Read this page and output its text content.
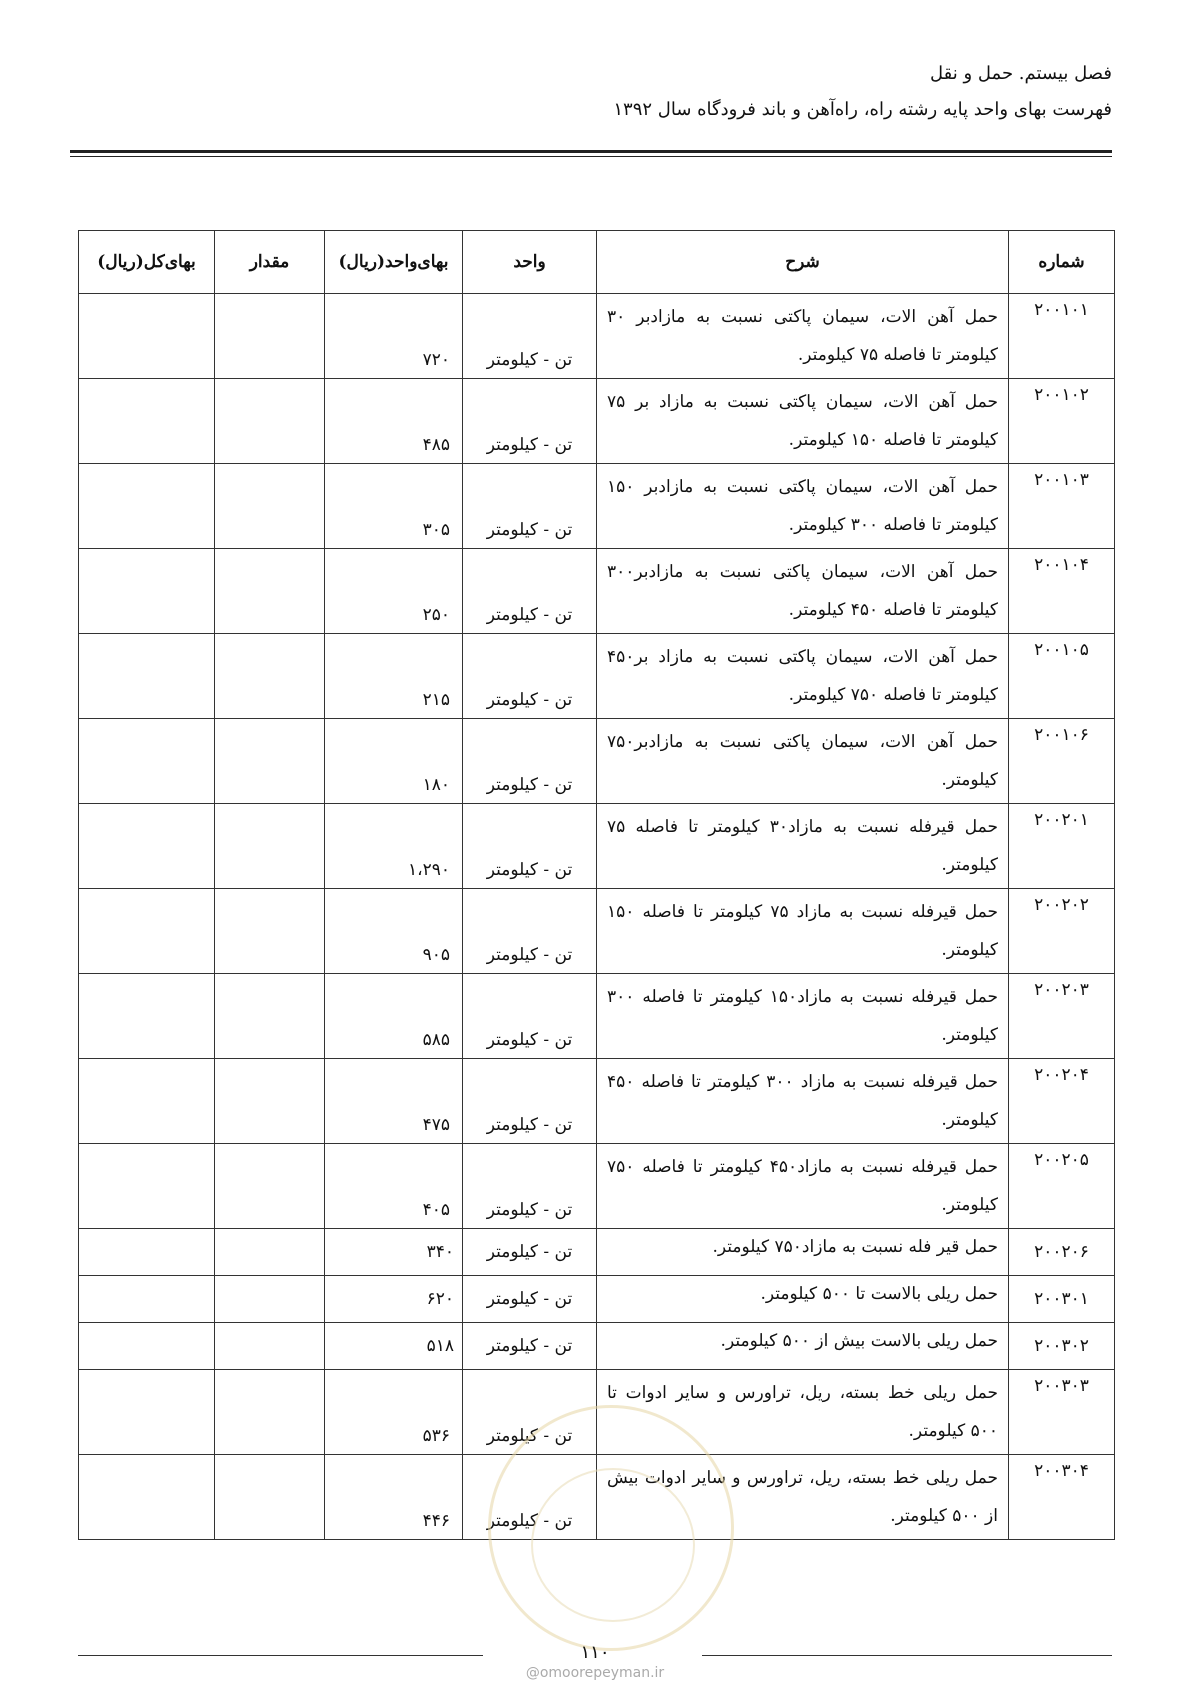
فصل بیستم. حمل و نقل
فهرست بهای واحد پایه رشته راه، راه‌آهن و باند فرودگاه سال ۱۳۹۲
شماره	شرح	واحد	بهای‌واحد(ریال)	مقدار	بهای‌کل(ریال)
۲۰۰۱۰۱	حمل آهن الات، سیمان پاکتی نسبت به مازادبر ۳۰ کیلومتر تا فاصله ۷۵ کیلومتر.	تن - کیلومتر	۷۲۰		
۲۰۰۱۰۲	حمل آهن الات، سیمان پاکتی نسبت به مازاد بر ۷۵ کیلومتر تا فاصله ۱۵۰ کیلومتر.	تن - کیلومتر	۴۸۵		
۲۰۰۱۰۳	حمل آهن الات، سیمان پاکتی نسبت به مازادبر ۱۵۰ کیلومتر تا فاصله ۳۰۰ کیلومتر.	تن - کیلومتر	۳۰۵		
۲۰۰۱۰۴	حمل آهن الات، سیمان پاکتی نسبت به مازادبر۳۰۰ کیلومتر تا فاصله ۴۵۰ کیلومتر.	تن - کیلومتر	۲۵۰		
۲۰۰۱۰۵	حمل آهن الات، سیمان پاکتی نسبت به مازاد بر۴۵۰ کیلومتر تا فاصله ۷۵۰ کیلومتر.	تن - کیلومتر	۲۱۵		
۲۰۰۱۰۶	حمل آهن الات، سیمان پاکتی نسبت به مازادبر۷۵۰ کیلومتر.	تن - کیلومتر	۱۸۰		
۲۰۰۲۰۱	حمل قیرفله نسبت به مازاد۳۰ کیلومتر تا فاصله ۷۵ کیلومتر.	تن - کیلومتر	۱،۲۹۰		
۲۰۰۲۰۲	حمل قیرفله نسبت به مازاد ۷۵ کیلومتر تا فاصله ۱۵۰ کیلومتر.	تن - کیلومتر	۹۰۵		
۲۰۰۲۰۳	حمل قیرفله نسبت به مازاد۱۵۰ کیلومتر تا فاصله ۳۰۰ کیلومتر.	تن - کیلومتر	۵۸۵		
۲۰۰۲۰۴	حمل قیرفله نسبت به مازاد ۳۰۰ کیلومتر تا فاصله ۴۵۰ کیلومتر.	تن - کیلومتر	۴۷۵		
۲۰۰۲۰۵	حمل قیرفله نسبت به مازاد۴۵۰ کیلومتر تا فاصله ۷۵۰ کیلومتر.	تن - کیلومتر	۴۰۵		
۲۰۰۲۰۶	حمل قیر فله نسبت به مازاد۷۵۰ کیلومتر.	تن - کیلومتر	۳۴۰		
۲۰۰۳۰۱	حمل ریلی بالاست تا ۵۰۰ کیلومتر.	تن - کیلومتر	۶۲۰		
۲۰۰۳۰۲	حمل ریلی بالاست بیش از ۵۰۰ کیلومتر.	تن - کیلومتر	۵۱۸		
۲۰۰۳۰۳	حمل ریلی خط بسته، ریل، تراورس و سایر ادوات تا ۵۰۰ کیلومتر.	تن - کیلومتر	۵۳۶		
۲۰۰۳۰۴	حمل ریلی خط بسته، ریل، تراورس و سایر ادوات بیش از ۵۰۰ کیلومتر.	تن - کیلومتر	۴۴۶		
۱۱۰
@omoorepeyman.ir
